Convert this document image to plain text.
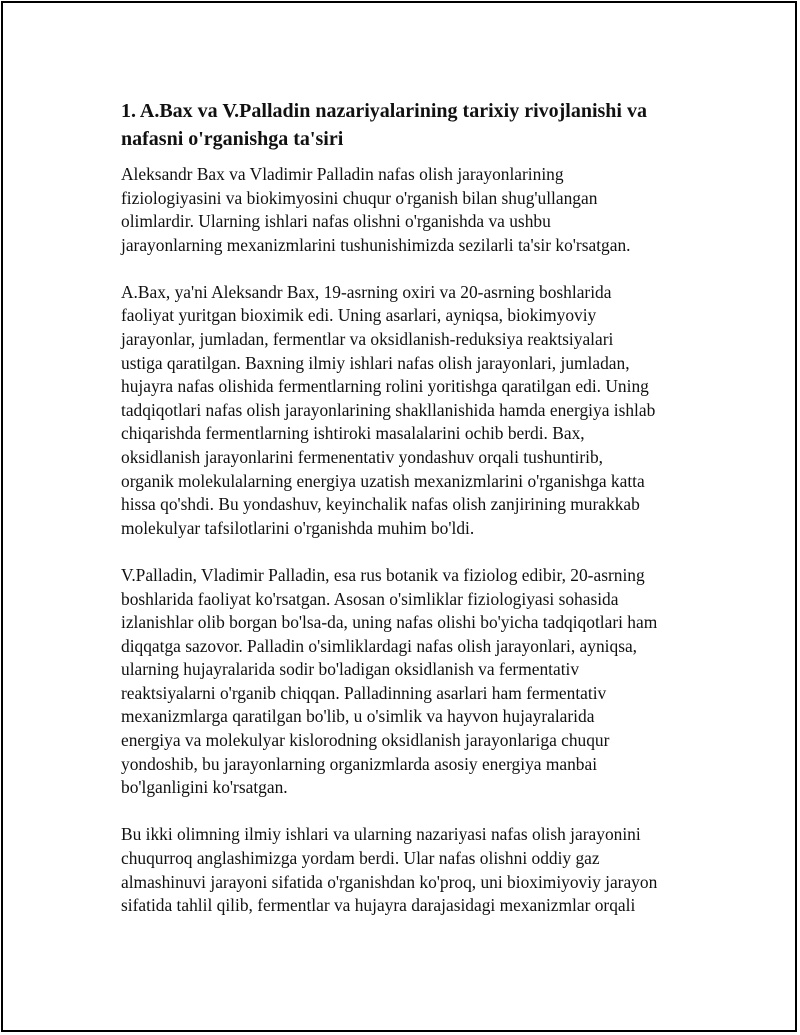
1. A.Bax va V.Palladin nazariyalarining tarixiy rivojlanishi va
nafasni o'rganishga ta'siri

Aleksandr Bax va Vladimir Palladin nafas olish jarayonlarining
fiziologiyasini va biokimyosini chuqur o'rganish bilan shug'ullangan
olimlardir. Ularning ishlari nafas olishni o'rganishda va ushbu
jarayonlarning mexanizmlarini tushunishimizda sezilarli ta'sir ko'rsatgan.

A.Bax, ya'ni Aleksandr Bax, 19-asrning oxiri va 20-asrning boshlarida
faoliyat yuritgan bioximik edi. Uning asarlari, ayniqsa, biokimyoviy
jarayonlar, jumladan, fermentlar va oksidlanish-reduksiya reaktsiyalari
ustiga qaratilgan. Baxning ilmiy ishlari nafas olish jarayonlari, jumladan,
hujayra nafas olishida fermentlarning rolini yoritishga qaratilgan edi. Uning
tadqiqotlari nafas olish jarayonlarining shakllanishida hamda energiya ishlab
chiqarishda fermentlarning ishtiroki masalalarini ochib berdi. Bax,
oksidlanish jarayonlarini fermenentativ yondashuv orqali tushuntirib,
organik molekulalarning energiya uzatish mexanizmlarini o'rganishga katta
hissa qo'shdi. Bu yondashuv, keyinchalik nafas olish zanjirining murakkab
molekulyar tafsilotlarini o'rganishda muhim bo'ldi.

V.Palladin, Vladimir Palladin, esa rus botanik va fiziolog edibir, 20-asrning
boshlarida faoliyat ko'rsatgan. Asosan o'simliklar fiziologiyasi sohasida
izlanishlar olib borgan bo'lsa-da, uning nafas olishi bo'yicha tadqiqotlari ham
diqqatga sazovor. Palladin o'simliklardagi nafas olish jarayonlari, ayniqsa,
ularning hujayralarida sodir bo'ladigan oksidlanish va fermentativ
reaktsiyalarni o'rganib chiqqan. Palladinning asarlari ham fermentativ
mexanizmlarga qaratilgan bo'lib, u o'simlik va hayvon hujayralarida
energiya va molekulyar kislorodning oksidlanish jarayonlariga chuqur
yondoshib, bu jarayonlarning organizmlarda asosiy energiya manbai
bo'lganligini ko'rsatgan.

Bu ikki olimning ilmiy ishlari va ularning nazariyasi nafas olish jarayonini
chuqurroq anglashimizga yordam berdi. Ular nafas olishni oddiy gaz
almashinuvi jarayoni sifatida o'rganishdan ko'proq, uni bioximiyoviy jarayon
sifatida tahlil qilib, fermentlar va hujayra darajasidagi mexanizmlar orqali
